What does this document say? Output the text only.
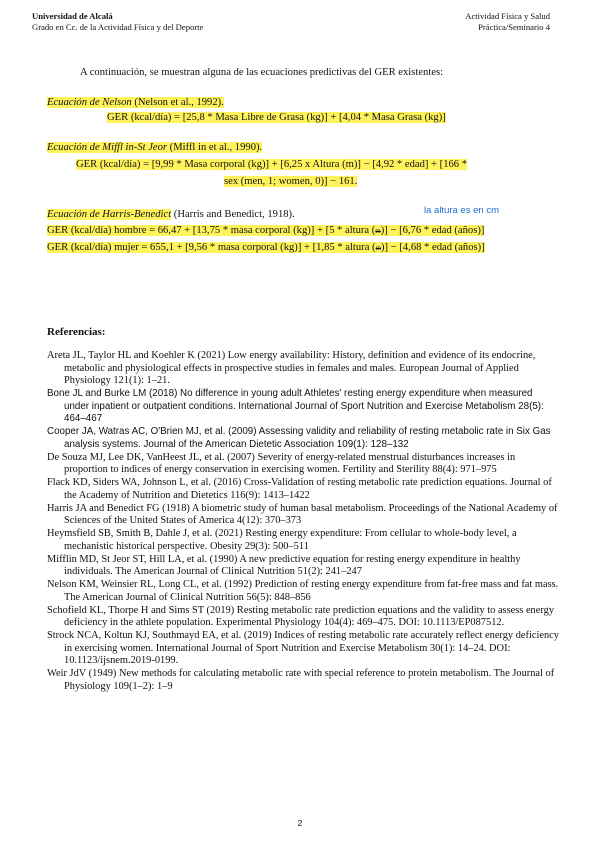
Universidad de Alcalá
Grado en Cc. de la Actividad Física y del Deporte
Actividad Física y Salud
Práctica/Seminario 4
A continuación, se muestran alguna de las ecuaciones predictivas del GER existentes:
Ecuación de Nelson (Nelson et al., 1992).
GER (kcal/día) = [25,8 * Masa Libre de Grasa (kg)] + [4,04 * Masa Grasa (kg)]
Ecuación de Miffl in-St Jeor (Miffl in et al., 1990).
GER (kcal/día) = [9,99 * Masa corporal (kg)] + [6,25 x Altura (m)] − [4,92 * edad] + [166 *
sex (men, 1; women, 0)] − 161.
Ecuación de Harris-Benedict (Harris and Benedict, 1918).	la altura es en cm
GER (kcal/día) hombre = 66,47 + [13,75 * masa corporal (kg)] + [5 * altura (m)] − [6,76 * edad (años)]
GER (kcal/día) mujer = 655,1 + [9,56 * masa corporal (kg)] + [1,85 * altura (m)] − [4,68 * edad (años)]
Referencias:

Areta JL, Taylor HL and Koehler K (2021) Low energy availability: History, definition and evidence of its endocrine, metabolic and physiological effects in prospective studies in females and males. European Journal of Applied Physiology 121(1): 1–21.

Bone JL and Burke LM (2018) No difference in young adult Athletes' resting energy expenditure when measured under inpatient or outpatient conditions. International Journal of Sport Nutrition and Exercise Metabolism 28(5): 464–467

Cooper JA, Watras AC, O'Brien MJ, et al. (2009) Assessing validity and reliability of resting metabolic rate in Six Gas analysis systems. Journal of the American Dietetic Association 109(1): 128–132

De Souza MJ, Lee DK, VanHeest JL, et al. (2007) Severity of energy-related menstrual disturbances increases in proportion to indices of energy conservation in exercising women. Fertility and Sterility 88(4): 971–975

Flack KD, Siders WA, Johnson L, et al. (2016) Cross-Validation of resting metabolic rate prediction equations. Journal of the Academy of Nutrition and Dietetics 116(9): 1413–1422

Harris JA and Benedict FG (1918) A biometric study of human basal metabolism. Proceedings of the National Academy of Sciences of the United States of America 4(12): 370–373

Heymsfield SB, Smith B, Dahle J, et al. (2021) Resting energy expenditure: From cellular to whole-body level, a mechanistic historical perspective. Obesity 29(3): 500–511

Mifflin MD, St Jeor ST, Hill LA, et al. (1990) A new predictive equation for resting energy expenditure in healthy individuals. The American Journal of Clinical Nutrition 51(2): 241–247

Nelson KM, Weinsier RL, Long CL, et al. (1992) Prediction of resting energy expenditure from fat-free mass and fat mass. The American Journal of Clinical Nutrition 56(5): 848–856

Schofield KL, Thorpe H and Sims ST (2019) Resting metabolic rate prediction equations and the validity to assess energy deficiency in the athlete population. Experimental Physiology 104(4): 469–475. DOI: 10.1113/EP087512.

Strock NCA, Koltun KJ, Southmayd EA, et al. (2019) Indices of resting metabolic rate accurately reflect energy deficiency in exercising women. International Journal of Sport Nutrition and Exercise Metabolism 30(1): 14–24. DOI: 10.1123/ijsnem.2019-0199.

Weir JdV (1949) New methods for calculating metabolic rate with special reference to protein metabolism. The Journal of Physiology 109(1–2): 1–9

2
